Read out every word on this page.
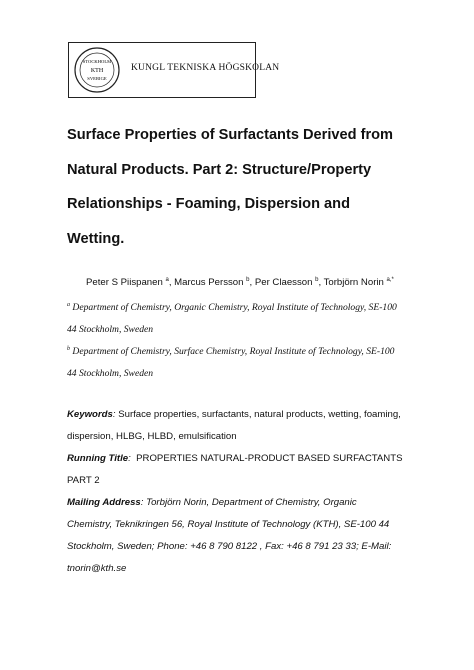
STOCKHOLM
KTH
SVERIGE
KUNGL TEKNISKA HÖGSKOLAN
Surface Properties of Surfactants Derived from
Natural Products. Part 2: Structure/Property
Relationships - Foaming, Dispersion and
Wetting.
Peter S Piispanen $^a$, Marcus Persson $^b$, Per Claesson $^b$, Torbjörn Norin $^{a,*}$
$^a$ Department of Chemistry, Organic Chemistry, Royal Institute of Technology, SE-100
44 Stockholm, Sweden
$^b$ Department of Chemistry, Surface Chemistry, Royal Institute of Technology, SE-100
44 Stockholm, Sweden
Keywords: Surface properties, surfactants, natural products, wetting, foaming,
dispersion, HLBG, HLBD, emulsification
Running Title: PROPERTIES NATURAL-PRODUCT BASED SURFACTANTS
PART 2
Mailing Address: Torbjörn Norin, Department of Chemistry, Organic
Chemistry, Teknikringen 56, Royal Institute of Technology (KTH), SE-100 44
Stockholm, Sweden; Phone: +46 8 790 8122 , Fax: +46 8 791 23 33; E-Mail:
tnorin@kth.se
